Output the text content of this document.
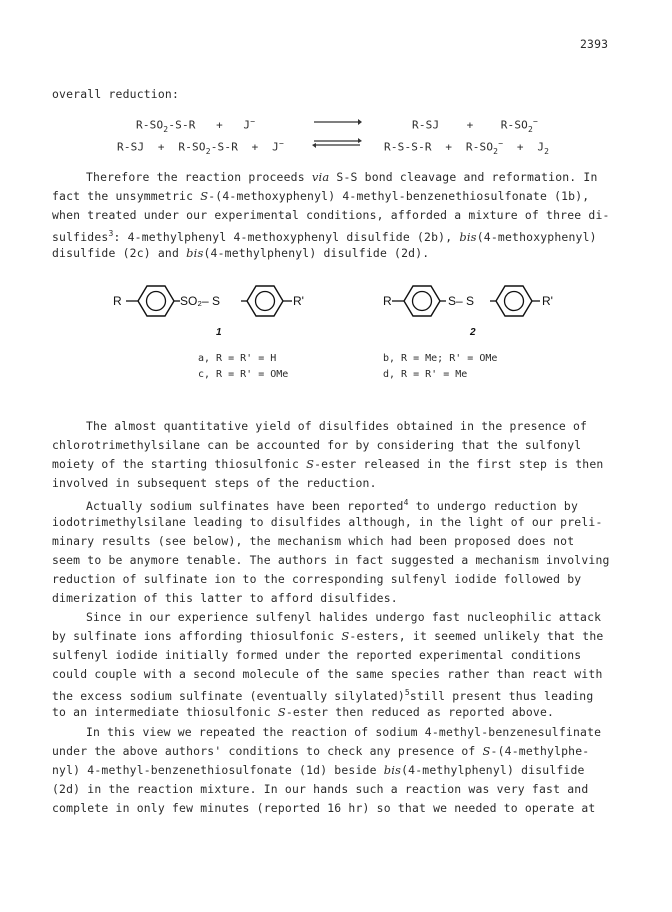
2393
overall reduction:
$R-SO_2-S-R + J^-$	R-SJ    +    $R-SO_2^-$
$R-SJ + R-SO_2-S-R + J^-$ ⇌ $R-S-S-R + R-SO_2^- + J_2$
Therefore the reaction proceeds via S-S bond cleavage and reformation. In
fact the unsymmetric S-(4-methoxyphenyl) 4-methyl-benzenethiosulfonate (1b),
when treated under our experimental conditions, afforded a mixture of three di-
sulfides$^3$: 4-methylphenyl 4-methoxyphenyl disulfide (2b), bis(4-methoxyphenyl)
disulfide (2c) and bis(4-methylphenyl) disulfide (2d).
R	SO₂– S	R'
1
R	S– S	R'
2
a, R = R' = H
c, R = R' = OMe
b, R = Me; R' = OMe
d, R = R' = Me
The almost quantitative yield of disulfides obtained in the presence of
chlorotrimethylsilane can be accounted for by considering that the sulfonyl
moiety of the starting thiosulfonic S-ester released in the first step is then
involved in subsequent steps of the reduction.
Actually sodium sulfinates have been reported$^4$ to undergo reduction by
iodotrimethylsilane leading to disulfides although, in the light of our preli-
minary results (see below), the mechanism which had been proposed does not
seem to be anymore tenable. The authors in fact suggested a mechanism involving
reduction of sulfinate ion to the corresponding sulfenyl iodide followed by
dimerization of this latter to afford disulfides.
Since in our experience sulfenyl halides undergo fast nucleophilic attack
by sulfinate ions affording thiosulfonic S-esters, it seemed unlikely that the
sulfenyl iodide initially formed under the reported experimental conditions
could couple with a second molecule of the same species rather than react with
the excess sodium sulfinate (eventually silylated)$^5$still present thus leading
to an intermediate thiosulfonic S-ester then reduced as reported above.
In this view we repeated the reaction of sodium 4-methyl-benzenesulfinate
under the above authors' conditions to check any presence of S-(4-methylphe-
nyl) 4-methyl-benzenethiosulfonate (1d) beside bis(4-methylphenyl) disulfide
(2d) in the reaction mixture. In our hands such a reaction was very fast and
complete in only few minutes (reported 16 hr) so that we needed to operate at
